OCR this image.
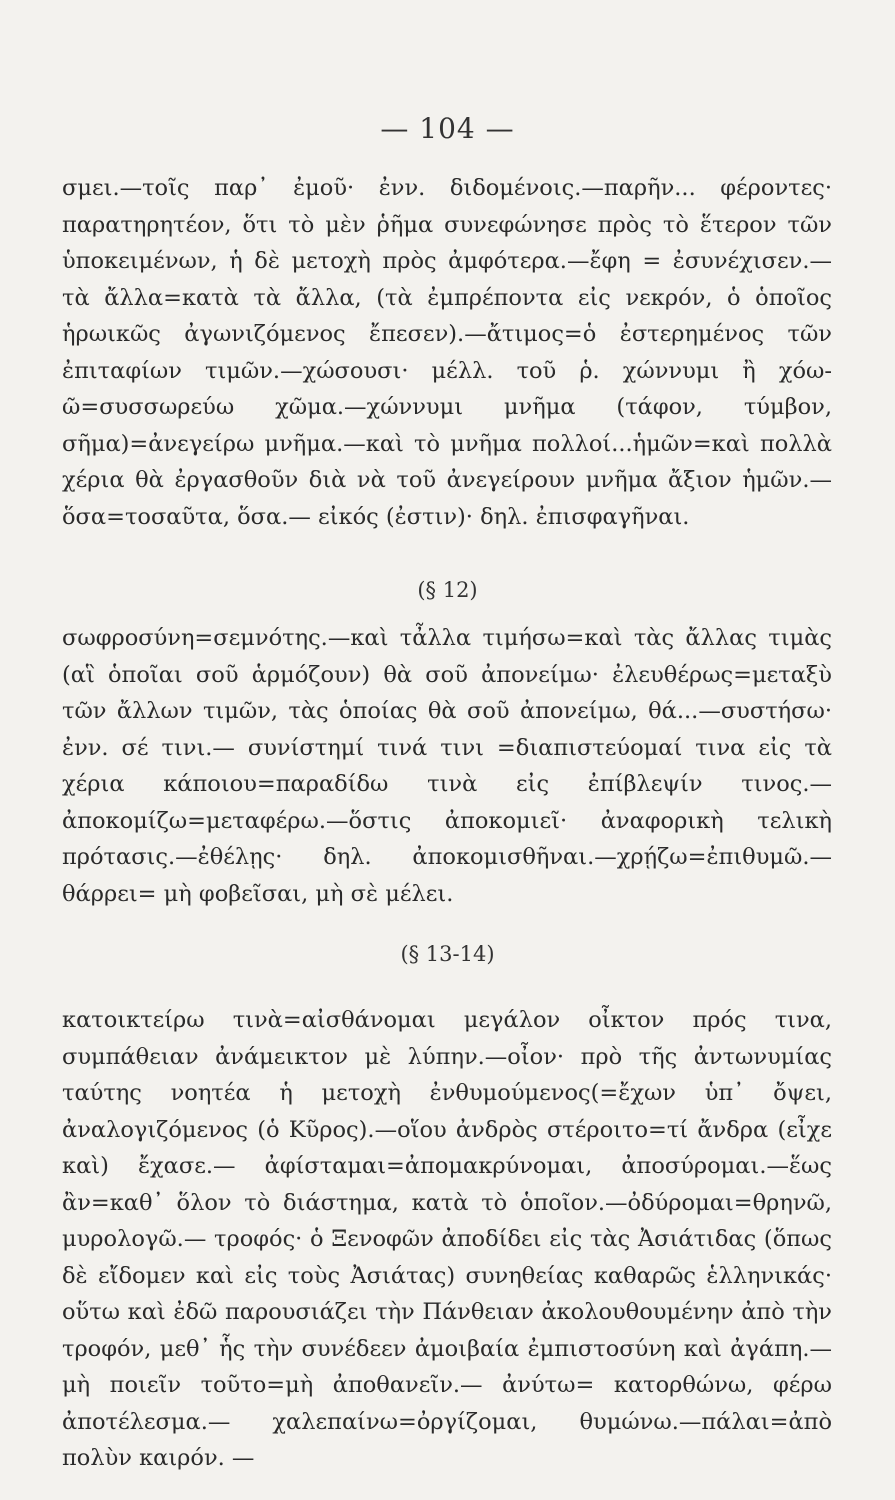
— 104 —

σμει.—τοῖς παρ᾽ ἐμοῦ· ἐνν. διδομένοις.—παρῆν... φέροντες· παρατηρητέον, ὅτι τὸ μὲν ῥῆμα συνεφώνησε πρὸς τὸ ἕτερον τῶν ὑποκειμένων, ἡ δὲ μετοχὴ πρὸς ἀμφότερα.—ἔφη = ἐσυνέχισεν.— τὰ ἄλλα=κατὰ τὰ ἄλλα, (τὰ ἐμπρέποντα εἰς νεκρόν, ὁ ὁποῖος ἡρωικῶς ἀγωνιζόμενος ἔπεσεν).—ἄτιμος=ὁ ἐστερημένος τῶν ἐπιταφίων τιμῶν.—χώσουσι· μέλλ. τοῦ ῥ. χώννυμι ἢ χόω-ῶ=συσσωρεύω χῶμα.—χώννυμι μνῆμα (τάφον, τύμβον, σῆμα)=ἀνεγείρω μνῆμα.—καὶ τὸ μνῆμα πολλοί...ἡμῶν=καὶ πολλὰ χέρια θὰ ἐργασθοῦν διὰ νὰ τοῦ ἀνεγείρουν μνῆμα ἄξιον ἡμῶν.—ὅσα=τοσαῦτα, ὅσα.— εἰκός (ἐστιν)· δηλ. ἐπισφαγῆναι.

(§ 12)

σωφροσύνη=σεμνότης.—καὶ τἆλλα τιμήσω=καὶ τὰς ἄλλας τιμὰς (αἳ ὁποῖαι σοῦ ἁρμόζουν) θὰ σοῦ ἀπονείμω· ἐλευθέρως=μεταξὺ τῶν ἄλλων τιμῶν, τὰς ὁποίας θὰ σοῦ ἀπονείμω, θά...—συστήσω· ἐνν. σέ τινι.— συνίστημί τινά τινι =διαπιστεύομαί τινα εἰς τὰ χέρια κάποιου=παραδίδω τινὰ εἰς ἐπίβλεψίν τινος.—ἀποκομίζω=μεταφέρω.—ὅστις ἀποκομιεῖ· ἀναφορικὴ τελικὴ πρότασις.—ἐθέλῃς· δηλ. ἀποκομισθῆναι.—χρῄζω=ἐπιθυμῶ.—θάρρει= μὴ φοβεῖσαι, μὴ σὲ μέλει.

(§ 13-14)

κατοικτείρω τινὰ=αἰσθάνομαι μεγάλον οἶκτον πρός τινα, συμπάθειαν ἀνάμεικτον μὲ λύπην.—οἶον· πρὸ τῆς ἀντωνυμίας ταύτης νοητέα ἡ μετοχὴ ἐνθυμούμενος(=ἔχων ὑπ᾽ ὄψει, ἀναλογιζόμενος (ὁ Κῦρος).—οἵου ἀνδρὸς στέροιτο=τί ἄνδρα (εἶχε καὶ) ἔχασε.— ἀφίσταμαι=ἀπομακρύνομαι, ἀποσύρομαι.—ἕως ἂν=καθ᾽ ὅλον τὸ διάστημα, κατὰ τὸ ὁποῖον.—ὀδύρομαι=θρηνῶ, μυρολογῶ.— τροφός· ὁ Ξενοφῶν ἀποδίδει εἰς τὰς Ἀσιάτιδας (ὅπως δὲ εἴδομεν καὶ εἰς τοὺς Ἀσιάτας) συνηθείας καθαρῶς ἑλληνικάς· οὕτω καὶ ἐδῶ παρουσιάζει τὴν Πάνθειαν ἀκολουθουμένην ἀπὸ τὴν τροφόν, μεθ᾽ ἧς τὴν συνέδεεν ἀμοιβαία ἐμπιστοσύνη καὶ ἀγάπη.—μὴ ποιεῖν τοῦτο=μὴ ἀποθανεῖν.— ἀνύτω= κατορθώνω, φέρω ἀποτέλεσμα.— χαλεπαίνω=ὀργίζομαι, θυμώνω.—πάλαι=ἀπὸ πολὺν καιρόν. —
